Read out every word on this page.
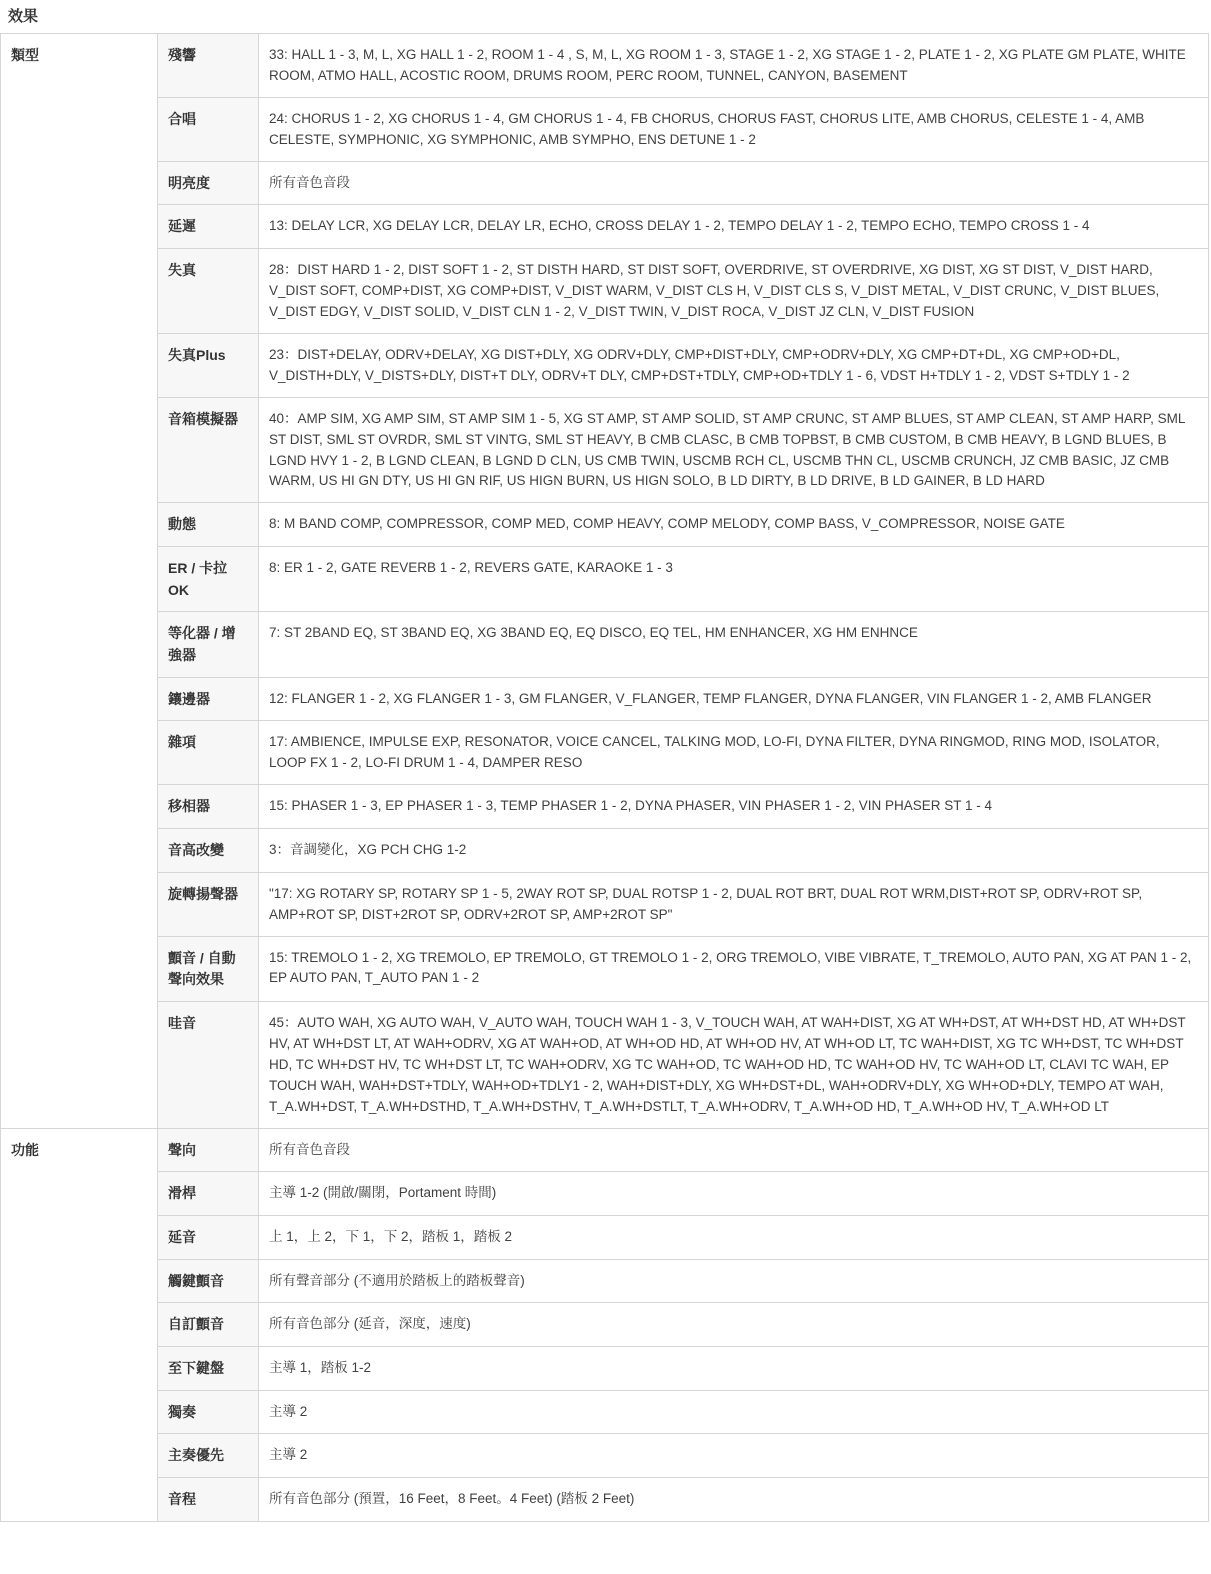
效果
類型	殘響	33: HALL 1 - 3, M, L, XG HALL 1 - 2, ROOM 1 - 4 , S, M, L, XG ROOM 1 - 3, STAGE 1 - 2, XG STAGE 1 - 2, PLATE 1 - 2, XG PLATE GM PLATE, WHITE ROOM, ATMO HALL, ACOSTIC ROOM, DRUMS ROOM, PERC ROOM, TUNNEL, CANYON, BASEMENT
	合唱	24: CHORUS 1 - 2, XG CHORUS 1 - 4, GM CHORUS 1 - 4, FB CHORUS, CHORUS FAST, CHORUS LITE, AMB CHORUS, CELESTE 1 - 4, AMB CELESTE, SYMPHONIC, XG SYMPHONIC, AMB SYMPHO, ENS DETUNE 1 - 2
	明亮度	所有音色音段
	延遲	13: DELAY LCR, XG DELAY LCR, DELAY LR, ECHO, CROSS DELAY 1 - 2, TEMPO DELAY 1 - 2, TEMPO ECHO, TEMPO CROSS 1 - 4
	失真	28：DIST HARD 1 - 2, DIST SOFT 1 - 2, ST DISTH HARD, ST DIST SOFT, OVERDRIVE, ST OVERDRIVE, XG DIST, XG ST DIST, V_DIST HARD, V_DIST SOFT, COMP+DIST, XG COMP+DIST, V_DIST WARM, V_DIST CLS H, V_DIST CLS S, V_DIST METAL, V_DIST CRUNC, V_DIST BLUES, V_DIST EDGY, V_DIST SOLID, V_DIST CLN 1 - 2, V_DIST TWIN, V_DIST ROCA, V_DIST JZ CLN, V_DIST FUSION
	失真Plus	23：DIST+DELAY, ODRV+DELAY, XG DIST+DLY, XG ODRV+DLY, CMP+DIST+DLY, CMP+ODRV+DLY, XG CMP+DT+DL, XG CMP+OD+DL, V_DISTH+DLY, V_DISTS+DLY, DIST+T DLY, ODRV+T DLY, CMP+DST+TDLY, CMP+OD+TDLY 1 - 6, VDST H+TDLY 1 - 2, VDST S+TDLY 1 - 2
	音箱模擬器	40：AMP SIM, XG AMP SIM, ST AMP SIM 1 - 5, XG ST AMP, ST AMP SOLID, ST AMP CRUNC, ST AMP BLUES, ST AMP CLEAN, ST AMP HARP, SML ST DIST, SML ST OVRDR, SML ST VINTG, SML ST HEAVY, B CMB CLASC, B CMB TOPBST, B CMB CUSTOM, B CMB HEAVY, B LGND BLUES, B LGND HVY 1 - 2, B LGND CLEAN, B LGND D CLN, US CMB TWIN, USCMB RCH CL, USCMB THN CL, USCMB CRUNCH, JZ CMB BASIC, JZ CMB WARM, US HI GN DTY, US HI GN RIF, US HIGN BURN, US HIGN SOLO, B LD DIRTY, B LD DRIVE, B LD GAINER, B LD HARD
	動態	8: M BAND COMP, COMPRESSOR, COMP MED, COMP HEAVY, COMP MELODY, COMP BASS, V_COMPRESSOR, NOISE GATE
	ER / 卡拉OK	8: ER 1 - 2, GATE REVERB 1 - 2, REVERS GATE, KARAOKE 1 - 3
	等化器 / 增強器	7: ST 2BAND EQ, ST 3BAND EQ, XG 3BAND EQ, EQ DISCO, EQ TEL, HM ENHANCER, XG HM ENHNCE
	鑲邊器	12: FLANGER 1 - 2, XG FLANGER 1 - 3, GM FLANGER, V_FLANGER, TEMP FLANGER, DYNA FLANGER, VIN FLANGER 1 - 2, AMB FLANGER
	雜項	17: AMBIENCE, IMPULSE EXP, RESONATOR, VOICE CANCEL, TALKING MOD, LO-FI, DYNA FILTER, DYNA RINGMOD, RING MOD, ISOLATOR, LOOP FX 1 - 2, LO-FI DRUM 1 - 4, DAMPER RESO
	移相器	15: PHASER 1 - 3, EP PHASER 1 - 3, TEMP PHASER 1 - 2, DYNA PHASER, VIN PHASER 1 - 2, VIN PHASER ST 1 - 4
	音高改變	3：音調變化，XG PCH CHG 1-2
	旋轉揚聲器	"17: XG ROTARY SP, ROTARY SP 1 - 5, 2WAY ROT SP, DUAL ROTSP 1 - 2, DUAL ROT BRT, DUAL ROT WRM,DIST+ROT SP, ODRV+ROT SP, AMP+ROT SP, DIST+2ROT SP, ODRV+2ROT SP, AMP+2ROT SP"
	顫音 / 自動聲向效果	15: TREMOLO 1 - 2, XG TREMOLO, EP TREMOLO, GT TREMOLO 1 - 2, ORG TREMOLO, VIBE VIBRATE, T_TREMOLO, AUTO PAN, XG AT PAN 1 - 2, EP AUTO PAN, T_AUTO PAN 1 - 2
	哇音	45：AUTO WAH, XG AUTO WAH, V_AUTO WAH, TOUCH WAH 1 - 3, V_TOUCH WAH, AT WAH+DIST, XG AT WH+DST, AT WH+DST HD, AT WH+DST HV, AT WH+DST LT, AT WAH+ODRV, XG AT WAH+OD, AT WH+OD HD, AT WH+OD HV, AT WH+OD LT, TC WAH+DIST, XG TC WH+DST, TC WH+DST HD, TC WH+DST HV, TC WH+DST LT, TC WAH+ODRV, XG TC WAH+OD, TC WAH+OD HD, TC WAH+OD HV, TC WAH+OD LT, CLAVI TC WAH, EP TOUCH WAH, WAH+DST+TDLY, WAH+OD+TDLY1 - 2, WAH+DIST+DLY, XG WH+DST+DL, WAH+ODRV+DLY, XG WH+OD+DLY, TEMPO AT WAH, T_A.WH+DST, T_A.WH+DSTHD, T_A.WH+DSTHV, T_A.WH+DSTLT, T_A.WH+ODRV, T_A.WH+OD HD, T_A.WH+OD HV, T_A.WH+OD LT
功能	聲向	所有音色音段
	滑桿	主導 1-2 (開啟/關閉，Portament 時間)
	延音	上 1，上 2，下 1，下 2，踏板 1，踏板 2
	觸鍵顫音	所有聲音部分 (不適用於踏板上的踏板聲音)
	自訂顫音	所有音色部分 (延音，深度，速度)
	至下鍵盤	主導 1，踏板 1-2
	獨奏	主導 2
	主奏優先	主導 2
	音程	所有音色部分 (預置，16 Feet，8 Feet。4 Feet) (踏板 2 Feet)
